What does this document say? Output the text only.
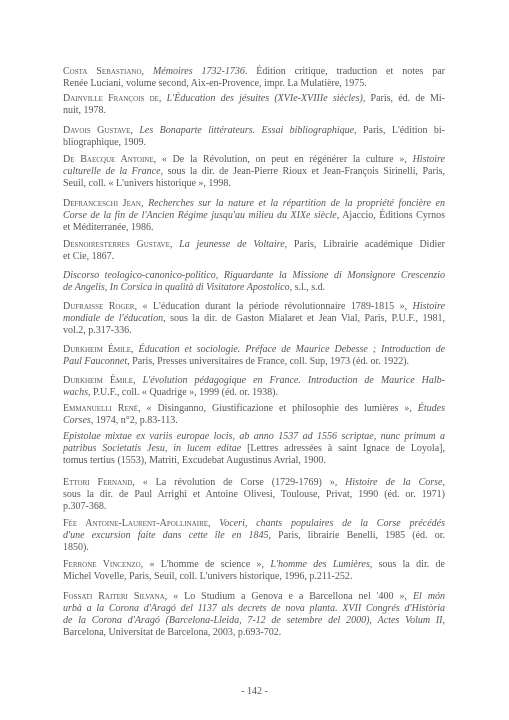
Costa Sebastiano, Mémoires 1732-1736. Édition critique, traduction et notes par
Renée Luciani, volume second, Aix-en-Provence, impr. La Mulatière, 1975.
Dainville François de, L'Éducation des jésuites (XVIe-XVIIIe siècles), Paris, éd. de Mi-
nuit, 1978.
Davois Gustave, Les Bonaparte littérateurs. Essai bibliographique, Paris, L'édition bi-
bliographique, 1909.
De Baecque Antoine, « De la Révolution, on peut en régénérer la culture », Histoire
culturelle de la France, sous la dir. de Jean-Pierre Rioux et Jean-François Sirinelli, Paris,
Seuil, coll. « L'univers historique », 1998.
Defranceschi Jean, Recherches sur la nature et la répartition de la propriété foncière en
Corse de la fin de l'Ancien Régime jusqu'au milieu du XIXe siècle, Ajaccio, Éditions Cyrnos
et Méditerranée, 1986.
Desnoiresterres Gustave, La jeunesse de Voltaire, Paris, Librairie académique Didier
et Cie, 1867.
Discorso teologico-canonico-politico, Riguardante la Missione di Monsignore Crescenzio
de Angelis, In Corsica in qualità di Visitatore Apostolico, s.l., s.d.
Dufraisse Roger, « L'éducation durant la période révolutionnaire 1789-1815 », Histoire
mondiale de l'éducation, sous la dir. de Gaston Mialaret et Jean Vial, Paris, P.U.F., 1981,
vol.2, p.317-336.
Durkheim Émile, Éducation et sociologie. Préface de Maurice Debesse ; Introduction de
Paul Fauconnet, Paris, Presses universitaires de France, coll. Sup, 1973 (éd. or. 1922).
Durkheim Émile, L'évolution pédagogique en France. Introduction de Maurice Halb-
wachs, P.U.F., coll. « Quadrige », 1999 (éd. or. 1938).
Emmanuelli René, « Disinganno, Giustificazione et philosophie des lumières », Études
Corses, 1974, n°2, p.83-113.
Epistolae mixtae ex variis europae locis, ab anno 1537 ad 1556 scriptae, nunc primum a
patribus Societatis Jesu, in lucem editae [Lettres adressées à saint Ignace de Loyola],
tomus tertius (1553), Matriti, Excudebat Augustinus Avrial, 1900.
Ettori Fernand, « La révolution de Corse (1729-1769) », Histoire de la Corse,
sous la dir. de Paul Arrighi et Antoine Olivesi, Toulouse, Privat, 1990 (éd. or. 1971)
p.307-368.
Fée Antoine-Laurent-Apollinaire, Voceri, chants populaires de la Corse précédés
d'une excursion faite dans cette île en 1845, Paris, librairie Benelli, 1985 (éd. or.
1850).
Ferrone Vincenzo, « L'homme de science », L'homme des Lumières, sous la dir. de
Michel Vovelle, Paris, Seuil, coll. L'univers historique, 1996, p.211-252.
Fossati Raiteri Silvana, « Lo Studium a Genova e a Barcellona nel '400 », El món
urbà a la Corona d'Aragó del 1137 als decrets de nova planta. XVII Congrés d'Història
de la Corona d'Aragó (Barcelona-Lleida, 7-12 de setembre del 2000), Actes Volum II,
Barcelona, Universitat de Barcelona, 2003, p.693-702.
- 142 -
